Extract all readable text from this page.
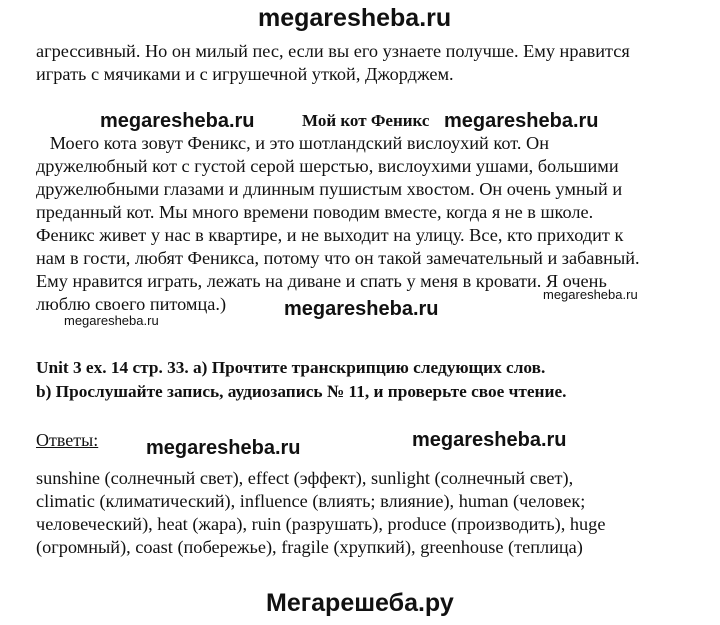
megaresheba.ru

агрессивный. Но он милый пес, если вы его узнаете получше. Ему нравится

играть с мячиками и с игрушечной уткой, Джорджем.

megaresheba.ru	Мой кот Феникс megaresheba.ru

Моего кота зовут Феникс, и это шотландский вислоухий кот. Он

дружелюбный кот с густой серой шерстью, вислоухими ушами, большими

дружелюбными глазами и длинным пушистым хвостом. Он очень умный и

преданный кот. Мы много времени поводим вместе, когда я не в школе.

Феникс живет у нас в квартире, и не выходит на улицу. Все, кто приходит к

нам в гости, любят Феникса, потому что он такой замечательный и забавный.

Ему нравится играть, лежать на диване и спать у меня в кровати. Я очень

люблю своего питомца.)	megaresheba.ru
megaresheba.ru
megaresheba.ru

Unit 3 ex. 14 стр. 33. a) Прочтите транскрипцию следующих слов.

b) Прослушайте запись, аудиозапись № 11, и проверьте свое чтение.

Ответы: megaresheba.ru	megaresheba.ru

sunshine (солнечный свет), effect (эффект), sunlight (солнечный свет),

climatic (климатический), influence (влиять; влияние), human (человек;

человеческий), heat (жара), ruin (разрушать), produce (производить), huge

(огромный), coast (побережье), fragile (хрупкий), greenhouse (теплица)

Мегарешеба.ру
